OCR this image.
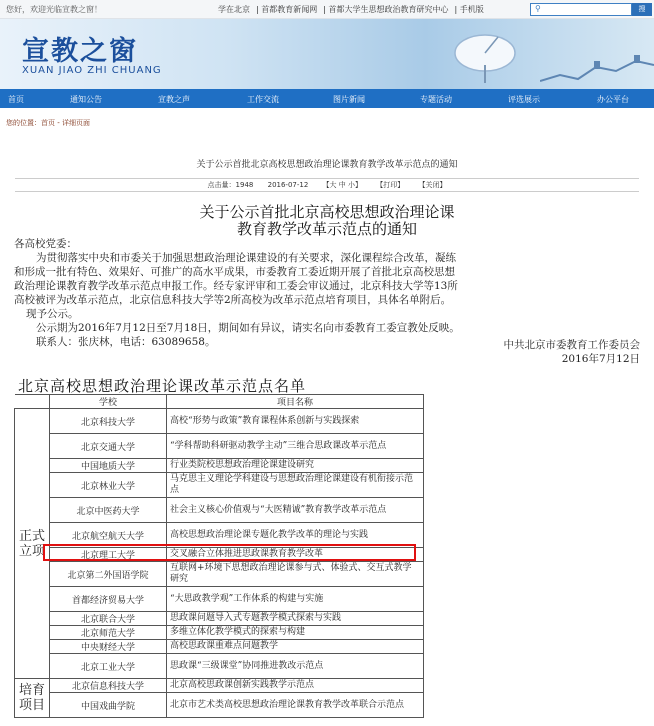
您好，欢迎光临宣教之窗！	学在北京 | 首都教育新闻网 | 首都大学生思想政治教育研究中心 | 手机版	⚲	搜
宣教之窗
XUAN JIAO ZHI CHUANG
首页	通知公告	宣教之声	工作交流	图片新闻	专题活动	评选展示	办公平台
您的位置：首页 - 详细页面
关于公示首批北京高校思想政治理论课教育教学改革示范点的通知
点击量：1948 2016-07-12 【大 中 小】 【打印】 【关闭】
关于公示首批北京高校思想政治理论课
教育教学改革示范点的通知
各高校党委：
为贯彻落实中央和市委关于加强思想政治理论课建设的有关要求，深化课程综合改革，凝练
和形成一批有特色、效果好、可推广的高水平成果，市委教育工委近期开展了首批北京高校思想
政治理论课教育教学改革示范点申报工作。经专家评审和工委会审议通过，北京科技大学等13所
高校被评为改革示范点，北京信息科技大学等2所高校为改革示范点培育项目，具体名单附后。
现予公示。
公示期为2016年7月12日至7月18日，期间如有异议，请实名向市委教育工委宣教处反映。
联系人：张庆林，电话：63089658。	中共北京市委教育工作委员会
2016年7月12日
北京高校思想政治理论课改革示范点名单
	学校	项目名称
正式立项	北京科技大学	高校“形势与政策”教育课程体系创新与实践探索
	北京交通大学	“学科帮助科研驱动教学主动”三维合思政课改革示范点
	中国地质大学	行业类院校思想政治理论课建设研究
	北京林业大学	马克思主义理论学科建设与思想政治理论课建设有机衔接示范点
	北京中医药大学	社会主义核心价值观与“大医精诚”教育教学改革示范点
	北京航空航天大学	高校思想政治理论课专题化教学改革的理论与实践
	北京理工大学	交叉融合立体推进思政课教育教学改革
	北京第二外国语学院	互联网+环境下思想政治理论课参与式、体验式、交互式教学研究
	首都经济贸易大学	“大思政教学观”工作体系的构建与实施
	北京联合大学	思政课问题导入式专题教学模式探索与实践
	北京师范大学	多维立体化教学模式的探索与构建
	中央财经大学	高校思政课重难点问题教学
	北京工业大学	思政课“三级课堂”协同推进教改示范点
培育项目	北京信息科技大学	北京高校思政课创新实践教学示范点
	中国戏曲学院	北京市艺术类高校思想政治理论课教育教学改革联合示范点
